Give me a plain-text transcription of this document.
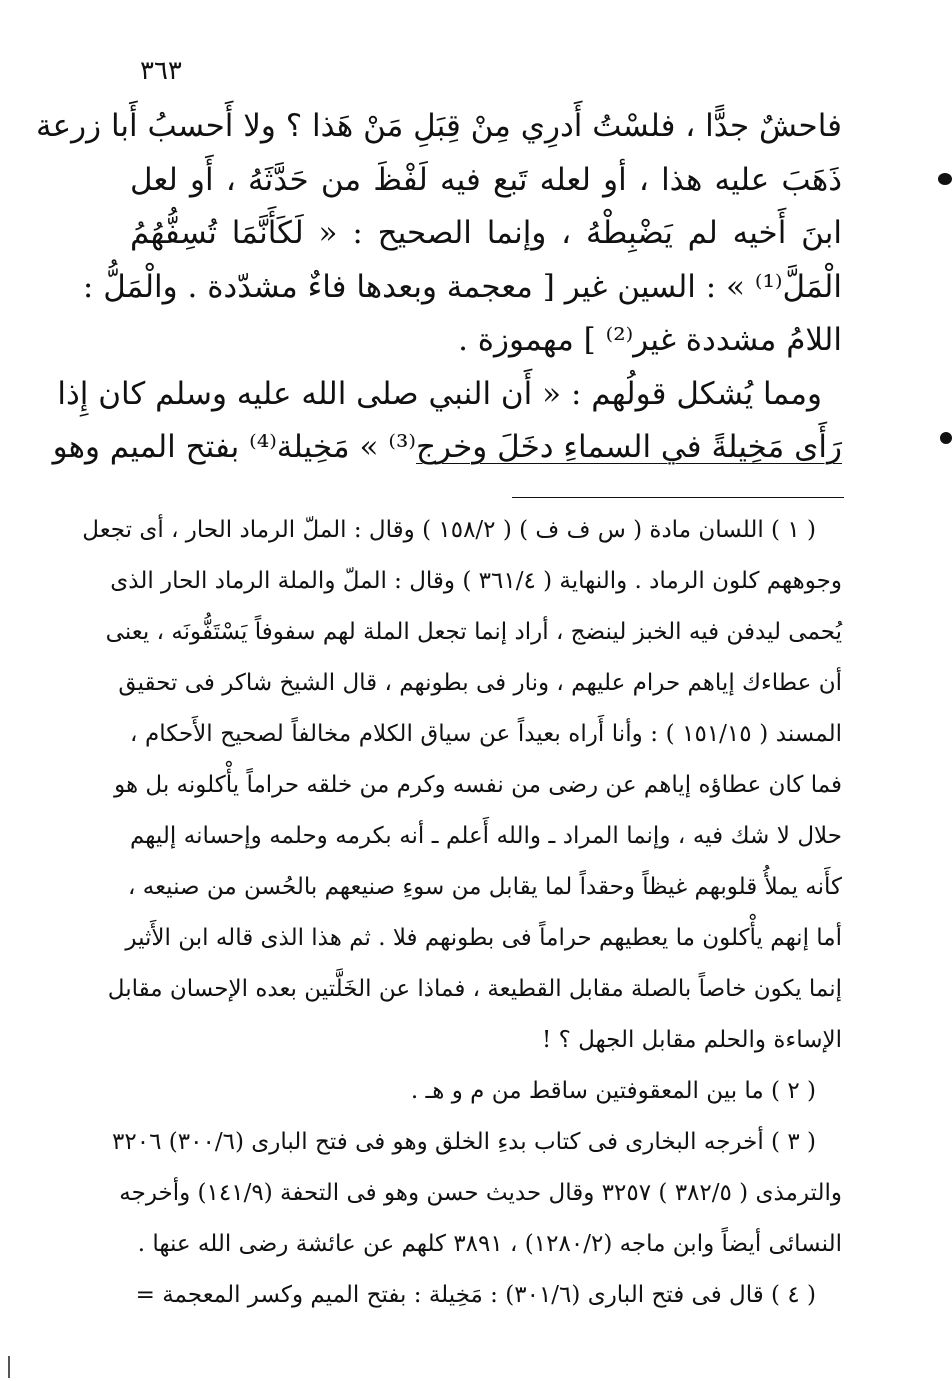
٣٦٣
فاحشٌ جدًّا ، فلسْتُ أَدرِي مِنْ قِبَلِ مَنْ هَذا ؟ ولا أَحسبُ أَبا زرعة
ذَهَبَ عليه هذا ، أو لعله تَبع فيه لَفْظَ من حَدَّثَهُ ، أَو لعل
ابنَ أَخيه لم يَضْبِطْهُ ، وإنما الصحيح : « لَكَأَنَّمَا تُسِفُّهُمُ
الْمَلَّ⁽¹⁾ » : السين غير [ معجمة وبعدها فاءٌ مشدّدة . والْمَلُّ :
اللامُ مشددة غير⁽²⁾ ] مهموزة .
ومما يُشكل قولُهم : « أَن النبي صلى الله عليه وسلم كان إِذا
رَأَى مَخِيلةً في السماءِ دخَلَ وخرج⁽³⁾ » مَخِيلة⁽⁴⁾ بفتح الميم وهو
( ١ ) اللسان مادة ( س ف ف ) ( ١٥٨/٢ ) وقال : الملّ الرماد الحار ، أى تجعل
وجوههم كلون الرماد . والنهاية ( ٣٦١/٤ ) وقال : الملّ والملة الرماد الحار الذى
يُحمى ليدفن فيه الخبز لينضج ، أراد إنما تجعل الملة لهم سفوفاً يَسْتَفُّونَه ، يعنى
أن عطاءك إياهم حرام عليهم ، ونار فى بطونهم ، قال الشيخ شاكر فى تحقيق
المسند ( ١٥١/١٥ ) : وأنا أَراه بعيداً عن سياق الكلام مخالفاً لصحيح الأَحكام ،
فما كان عطاؤه إياهم عن رضى من نفسه وكرم من خلقه حراماً يأْكلونه بل هو
حلال لا شك فيه ، وإنما المراد ـ والله أَعلم ـ أنه بكرمه وحلمه وإحسانه إليهم
كأَنه يملأُ قلوبهم غيظاً وحقداً لما يقابل من سوءِ صنيعهم بالحُسن من صنيعه ،
أما إنهم يأْكلون ما يعطيهم حراماً فى بطونهم فلا . ثم هذا الذى قاله ابن الأَثير
إنما يكون خاصاً بالصلة مقابل القطيعة ، فماذا عن الخَلَّتين بعده الإحسان مقابل
الإساءة والحلم مقابل الجهل ؟ !
( ٢ ) ما بين المعقوفتين ساقط من م و هـ .
( ٣ ) أخرجه البخارى فى كتاب بدءِ الخلق وهو فى فتح البارى (٣٠٠/٦) ٣٢٠٦
والترمذى ( ٣٨٢/٥ ) ٣٢٥٧ وقال حديث حسن وهو فى التحفة (١٤١/٩) وأخرجه
النسائى أيضاً وابن ماجه (١٢٨٠/٢) ، ٣٨٩١ كلهم عن عائشة رضى الله عنها .
( ٤ ) قال فى فتح البارى (٣٠١/٦) : مَخِيلة : بفتح الميم وكسر المعجمة =
